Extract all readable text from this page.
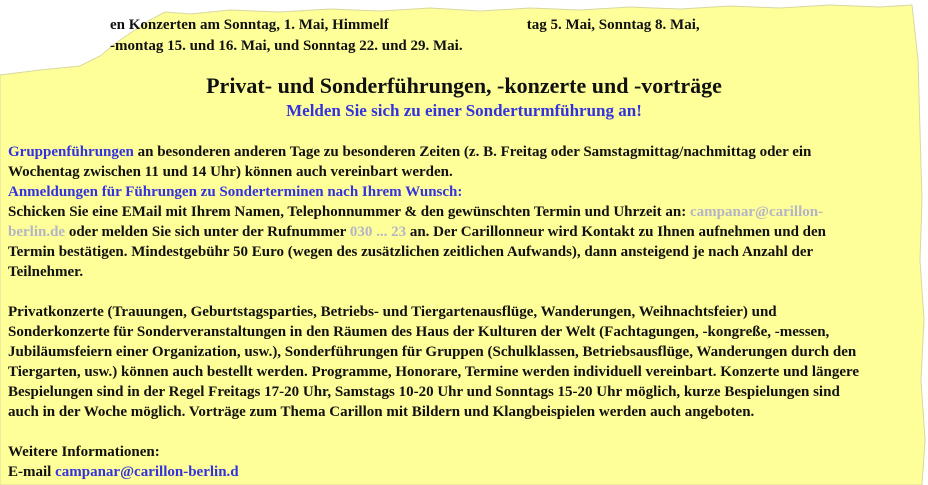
en Konzerten am Sonntag, 1. Mai, Himmelf	tag 5. Mai, Sonntag 8. Mai,
-montag 15. und 16. Mai, und Sonntag 22. und 29. Mai.
Privat- und Sonderführungen, -konzerte und -vorträge
Melden Sie sich zu einer Sonderturmführung an!
Gruppenführungen an besonderen anderen Tage zu besonderen Zeiten (z. B. Freitag oder Samstagmittag/nachmittag oder ein
Wochentag zwischen 11 und 14 Uhr) können auch vereinbart werden.
Anmeldungen für Führungen zu Sonderterminen nach Ihrem Wunsch:
Schicken Sie eine EMail mit Ihrem Namen, Telephonnummer & den gewünschten Termin und Uhrzeit an: campanar@carillon-
berlin.de oder melden Sie sich unter der Rufnummer 030 ... 23 an. Der Carillonneur wird Kontakt zu Ihnen aufnehmen und den
Termin bestätigen. Mindestgebühr 50 Euro (wegen des zusätzlichen zeitlichen Aufwands), dann ansteigend je nach Anzahl der
Teilnehmer.
Privatkonzerte (Trauungen, Geburtstagsparties, Betriebs- und Tiergartenausflüge, Wanderungen, Weihnachtsfeier) und
Sonderkonzerte für Sonderveranstaltungen in den Räumen des Haus der Kulturen der Welt (Fachtagungen, -kongreße, -messen,
Jubiläumsfeiern einer Organization, usw.), Sonderführungen für Gruppen (Schulklassen, Betriebsausflüge, Wanderungen durch den
Tiergarten, usw.) können auch bestellt werden. Programme, Honorare, Termine werden individuell vereinbart. Konzerte und längere
Bespielungen sind in der Regel Freitags 17-20 Uhr, Samstags 10-20 Uhr und Sonntags 15-20 Uhr möglich, kurze Bespielungen sind
auch in der Woche möglich. Vorträge zum Thema Carillon mit Bildern und Klangbeispielen werden auch angeboten.
Weitere Informationen:
E-mail campanar@carillon-berlin.d
